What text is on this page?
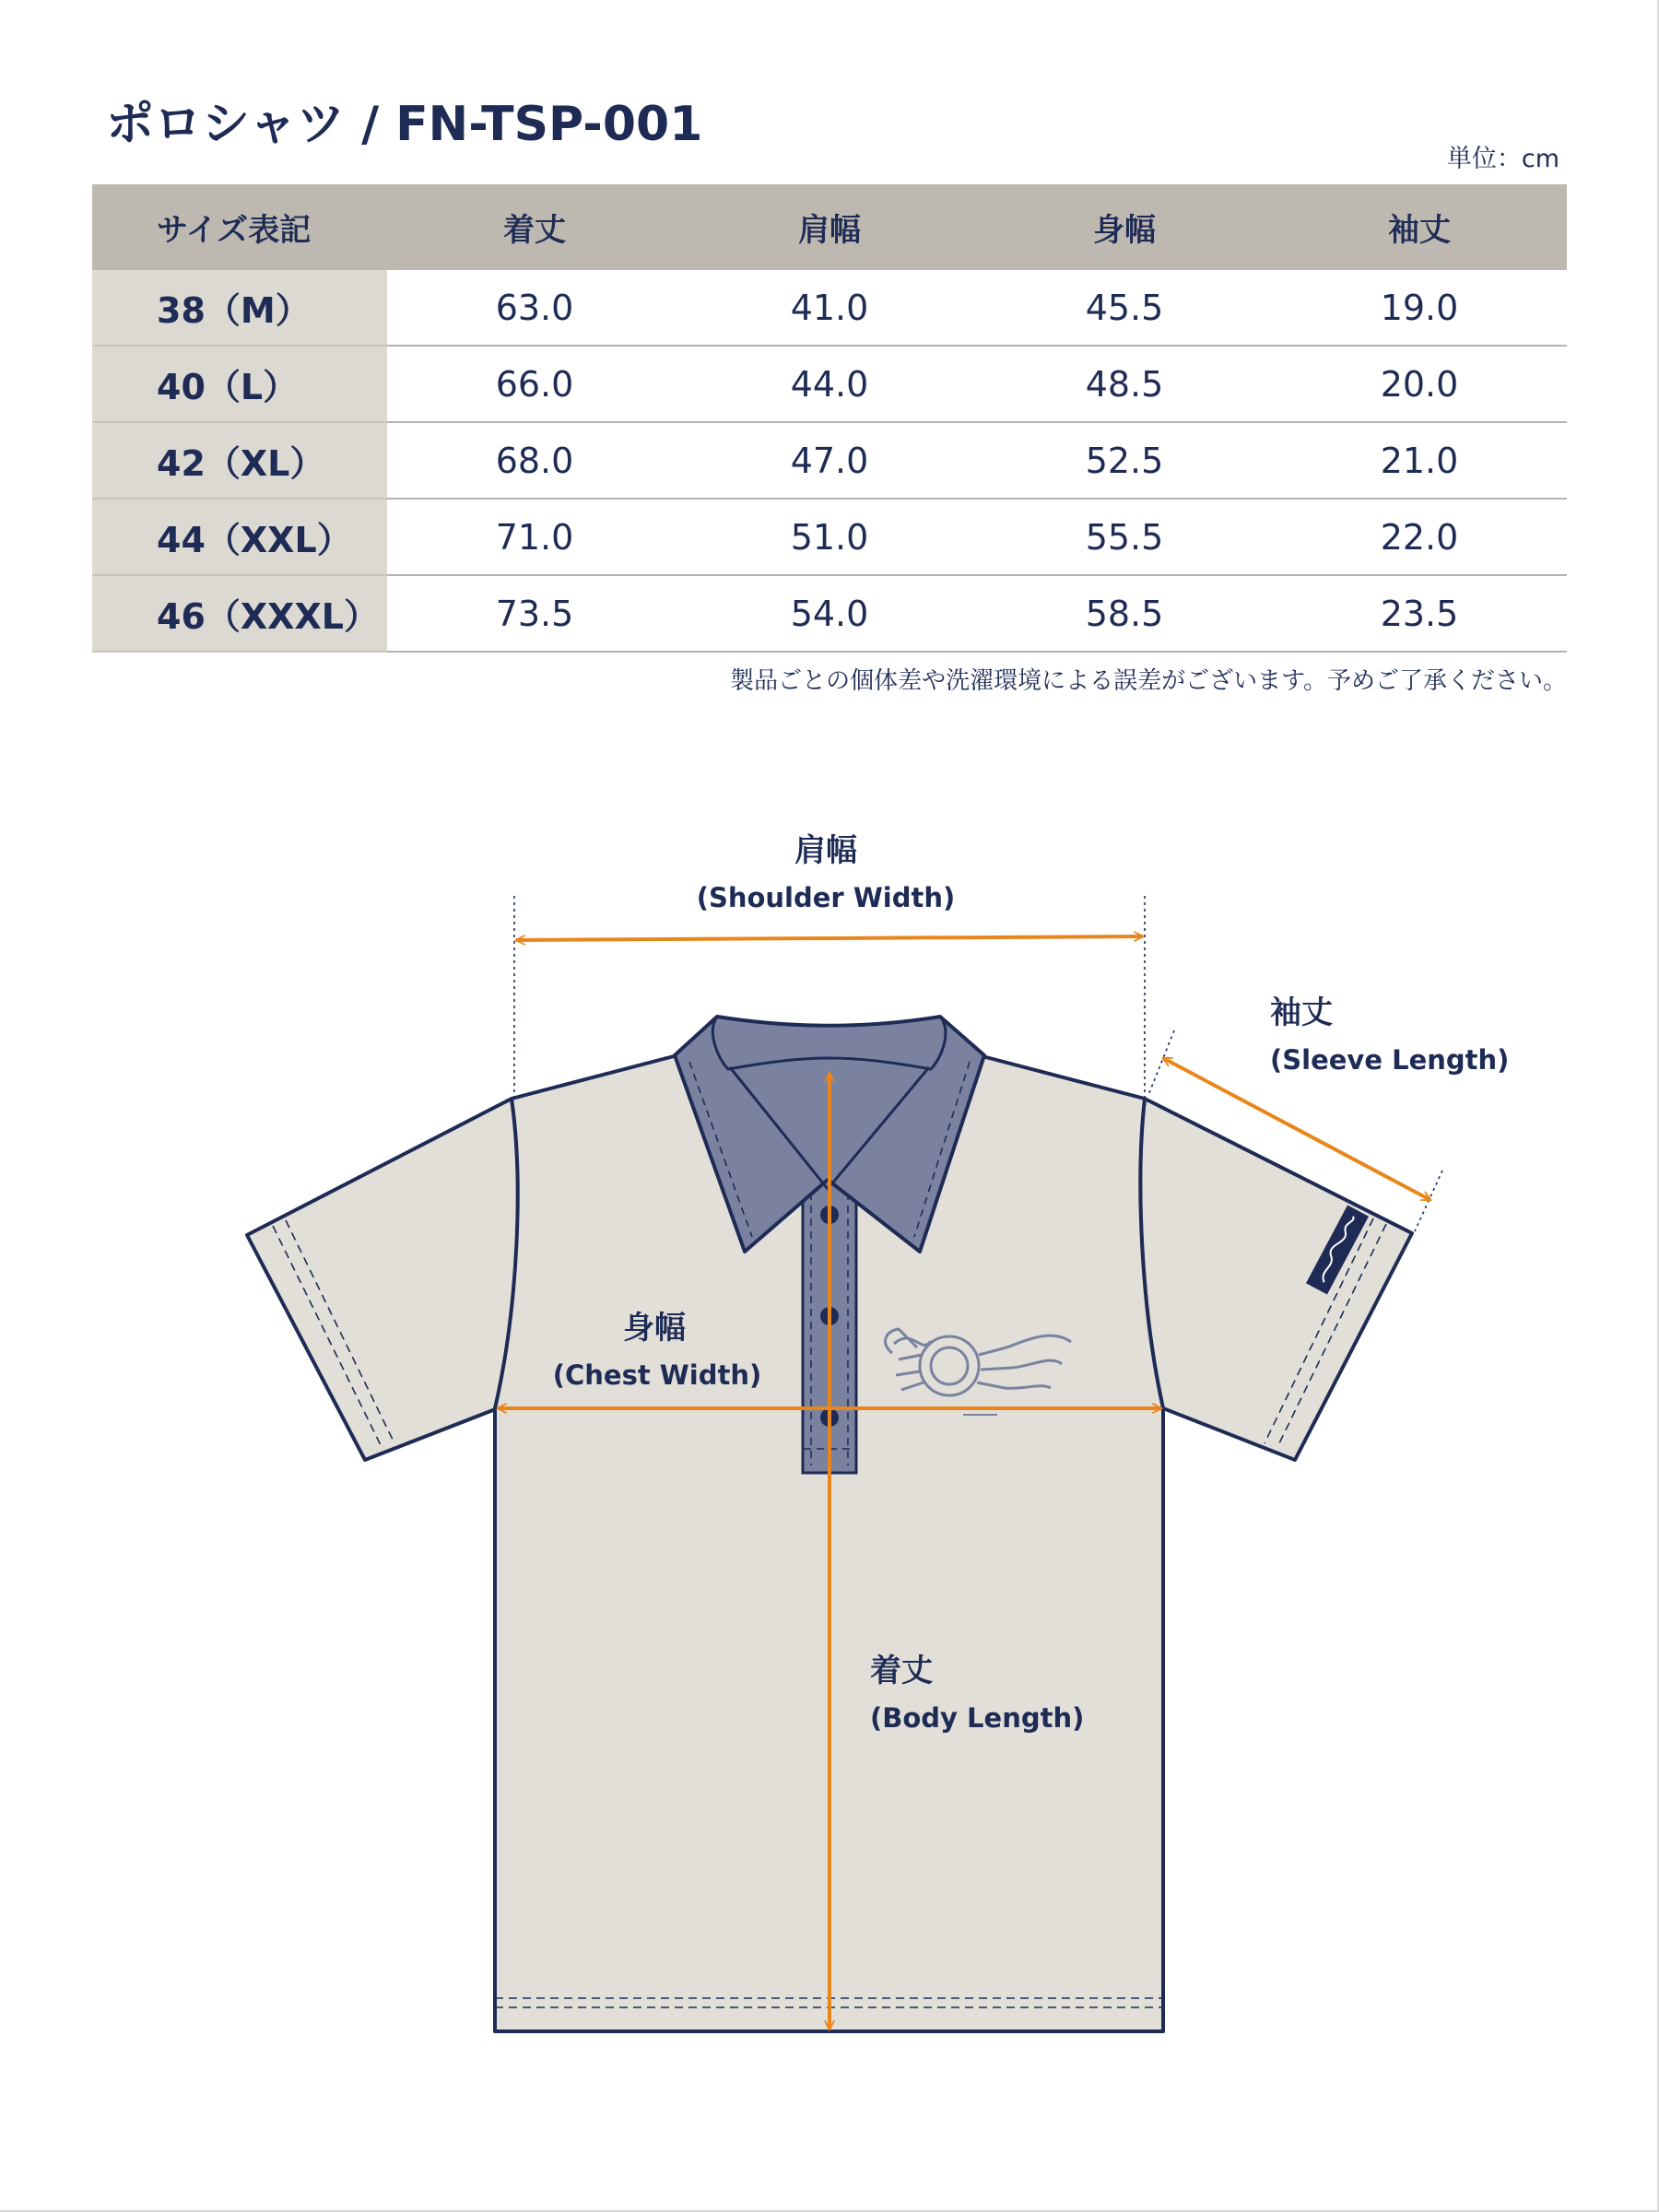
ポロシャツ / FN-TSP-001
単位：cm
サイズ表記	着丈	肩幅	身幅	袖丈
38（M）	63.0	41.0	45.5	19.0
40（L）	66.0	44.0	48.5	20.0
42（XL）	68.0	47.0	52.5	21.0
44（XXL）	71.0	51.0	55.5	22.0
46（XXXL）	73.5	54.0	58.5	23.5
製品ごとの個体差や洗濯環境による誤差がございます。予めご了承ください。
肩幅
(Shoulder Width)
袖丈
(Sleeve Length)
身幅
(Chest Width)
着丈
(Body Length)
